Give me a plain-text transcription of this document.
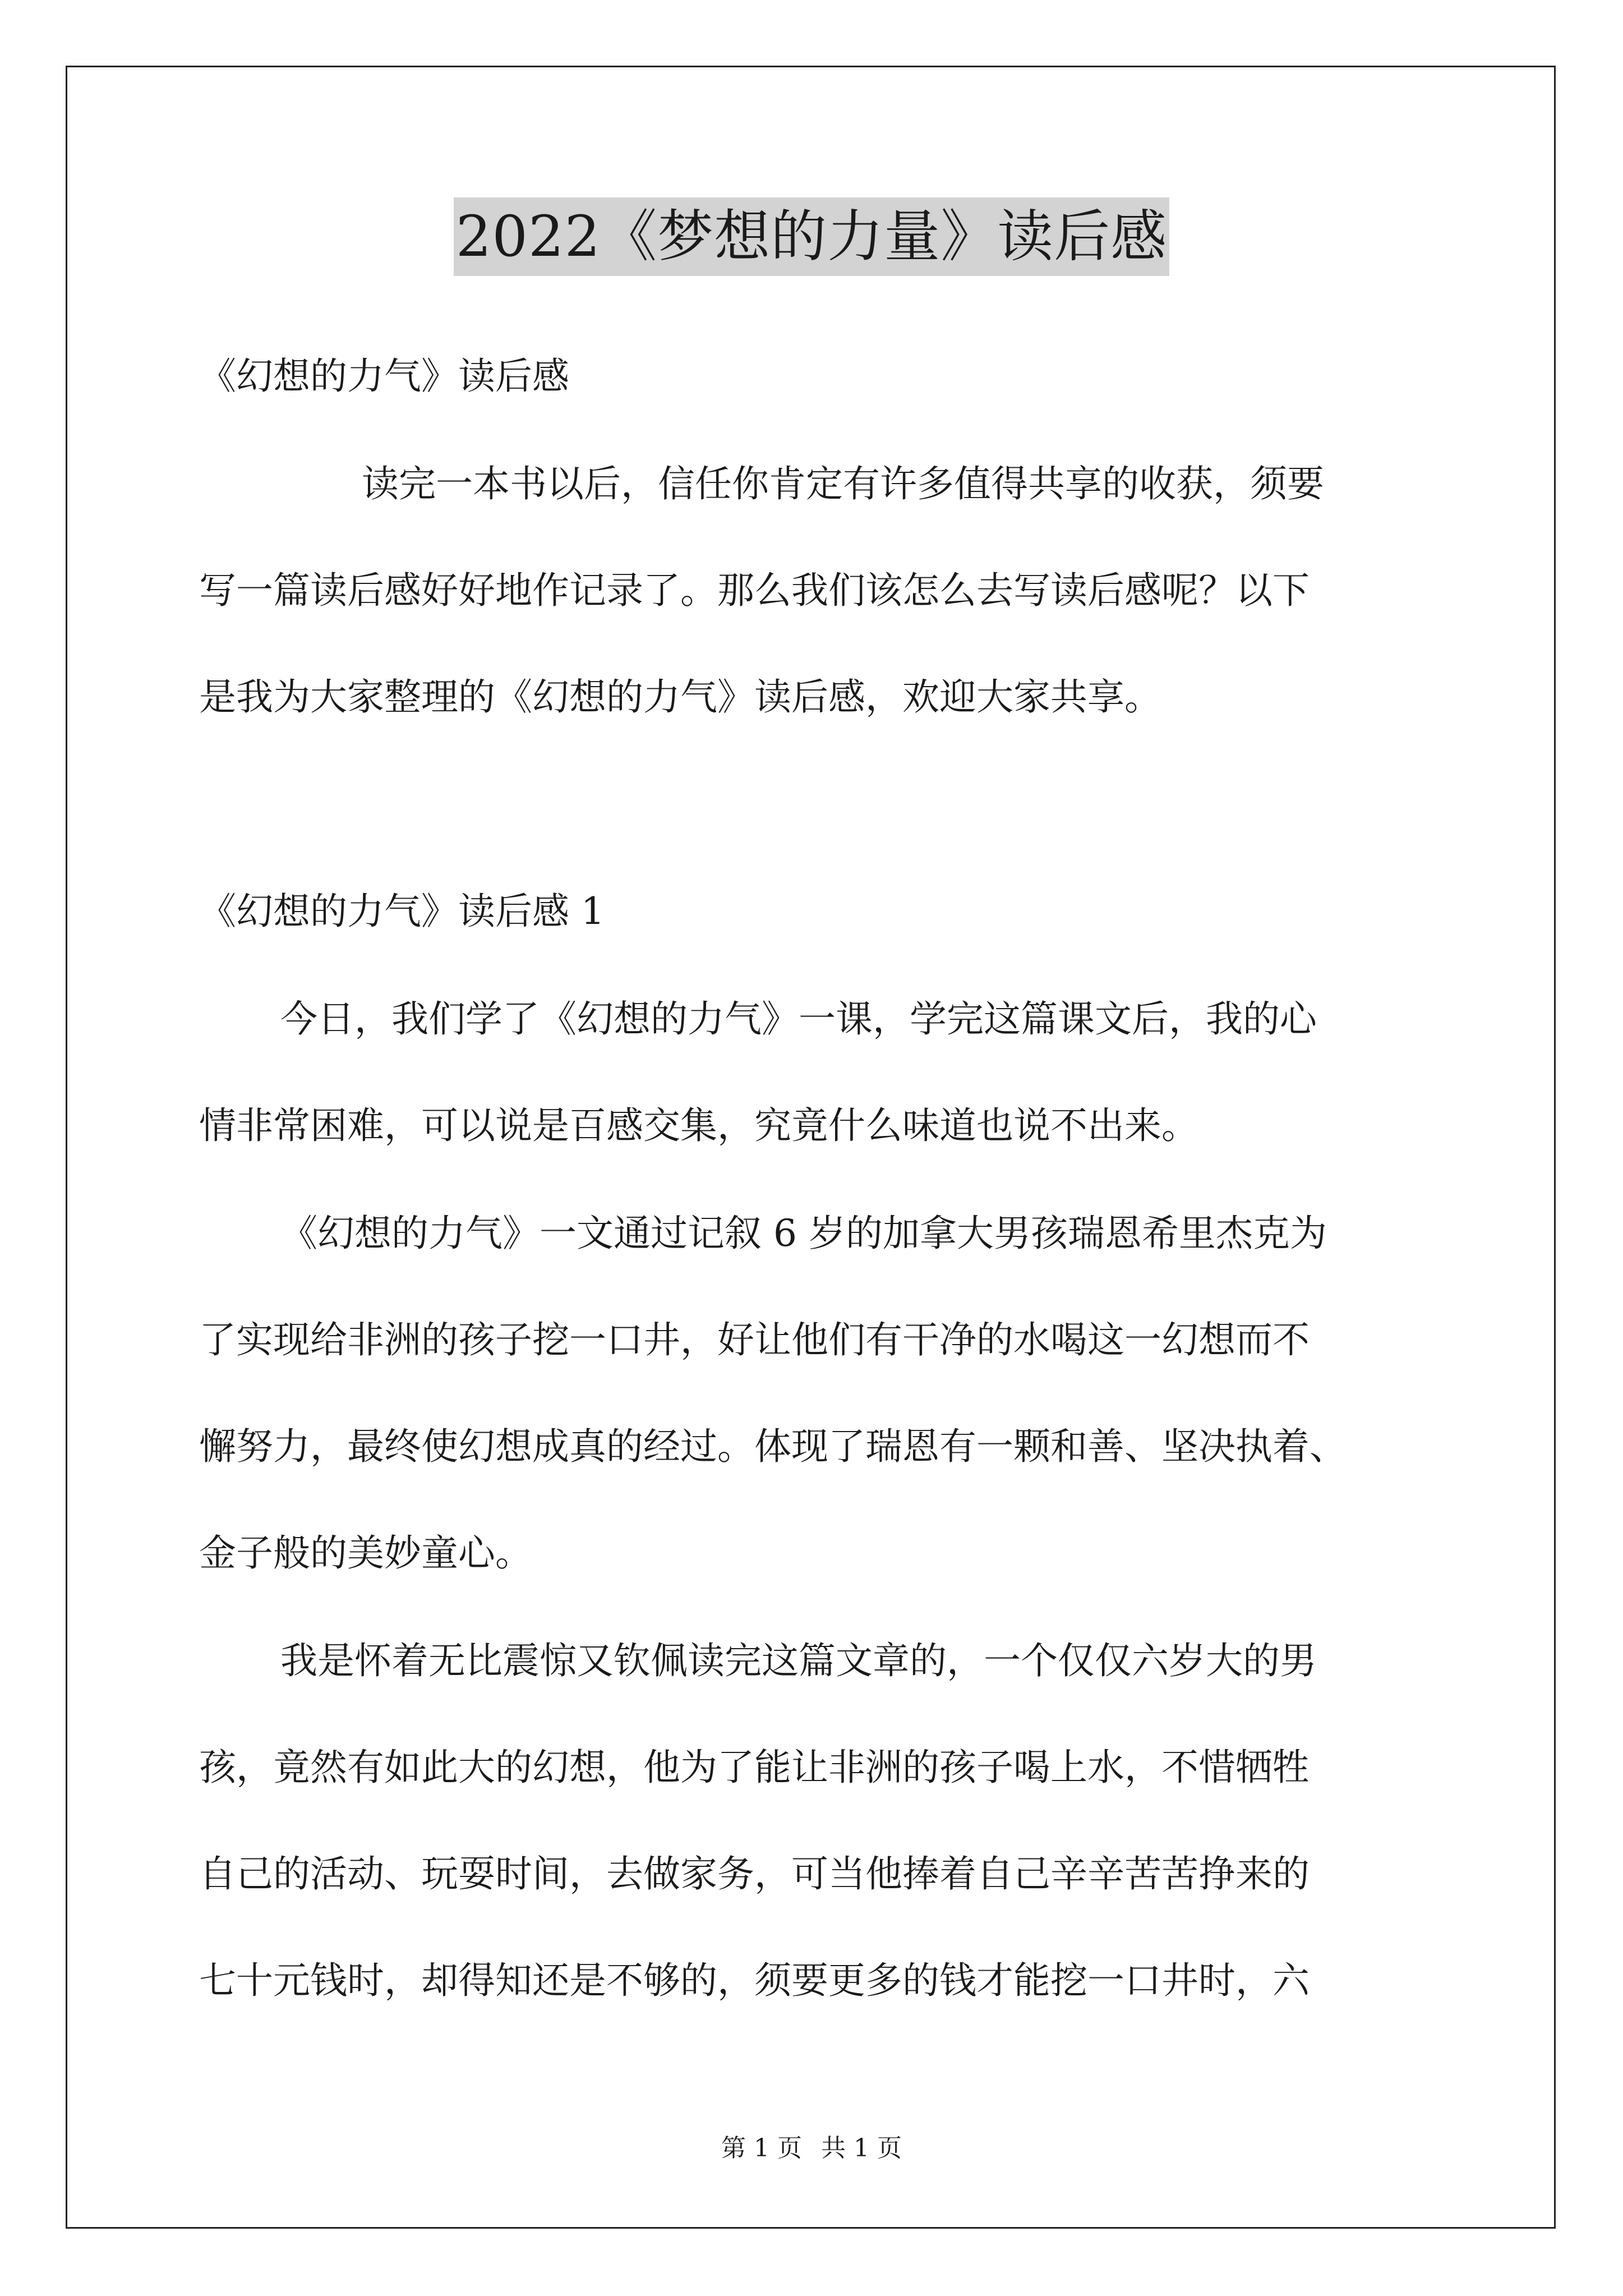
2022《梦想的力量》读后感
《幻想的力气》读后感
读完一本书以后，信任你肯定有许多值得共享的收获，须要
写一篇读后感好好地作记录了。那么我们该怎么去写读后感呢？以下
是我为大家整理的《幻想的力气》读后感，欢迎大家共享。
《幻想的力气》读后感 1
今日，我们学了《幻想的力气》一课，学完这篇课文后，我的心
情非常困难，可以说是百感交集，究竟什么味道也说不出来。
《幻想的力气》一文通过记叙 6 岁的加拿大男孩瑞恩希里杰克为
了实现给非洲的孩子挖一口井，好让他们有干净的水喝这一幻想而不
懈努力，最终使幻想成真的经过。体现了瑞恩有一颗和善、坚决执着、
金子般的美妙童心。
我是怀着无比震惊又钦佩读完这篇文章的，一个仅仅六岁大的男
孩，竟然有如此大的幻想，他为了能让非洲的孩子喝上水，不惜牺牲
自己的活动、玩耍时间，去做家务，可当他捧着自己辛辛苦苦挣来的
七十元钱时，却得知还是不够的，须要更多的钱才能挖一口井时，六
第 1 页 共 1 页
